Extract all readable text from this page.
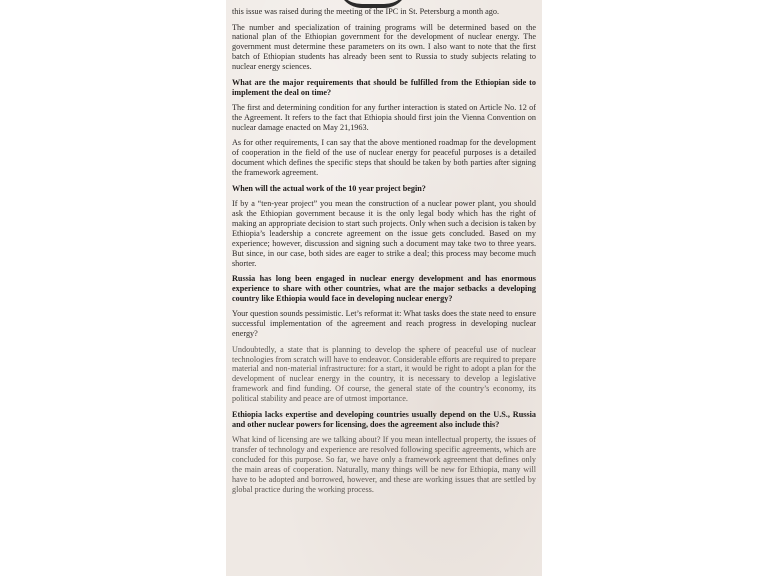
this issue was raised during the meeting of the IPC in St. Petersburg a month ago.

The number and specialization of training programs will be determined based on the national plan of the Ethiopian government for the development of nuclear energy. The government must determine these parameters on its own. I also want to note that the first batch of Ethiopian students has already been sent to Russia to study subjects relating to nuclear energy sciences.

What are the major requirements that should be fulfilled from the Ethiopian side to implement the deal on time?

The first and determining condition for any further interaction is stated on Article No. 12 of the Agreement. It refers to the fact that Ethiopia should first join the Vienna Convention on nuclear damage enacted on May 21,1963.

As for other requirements, I can say that the above mentioned roadmap for the development of cooperation in the field of the use of nuclear energy for peaceful purposes is a detailed document which defines the specific steps that should be taken by both parties after signing the framework agreement.

When will the actual work of the 10 year project begin?

If by a “ten-year project” you mean the construction of a nuclear power plant, you should ask the Ethiopian government because it is the only legal body which has the right of making an appropriate decision to start such projects. Only when such a decision is taken by Ethiopia’s leadership a concrete agreement on the issue gets concluded. Based on my experience; however, discussion and signing such a document may take two to three years. But since, in our case, both sides are eager to strike a deal; this process may become much shorter.

Russia has long been engaged in nuclear energy development and has enormous experience to share with other countries, what are the major setbacks a developing country like Ethiopia would face in developing nuclear energy?

Your question sounds pessimistic. Let’s reformat it: What tasks does the state need to ensure successful implementation of the agreement and reach progress in developing nuclear energy?

Undoubtedly, a state that is planning to develop the sphere of peaceful use of nuclear technologies from scratch will have to endeavor. Considerable efforts are required to prepare material and non-material infrastructure: for a start, it would be right to adopt a plan for the development of nuclear energy in the country, it is necessary to develop a legislative framework and find funding. Of course, the general state of the country’s economy, its political stability and peace are of utmost importance.

Ethiopia lacks expertise and developing countries usually depend on the U.S., Russia and other nuclear powers for licensing, does the agreement also include this?

What kind of licensing are we talking about? If you mean intellectual property, the issues of transfer of technology and experience are resolved following specific agreements, which are concluded for this purpose. So far, we have only a framework agreement that defines only the main areas of cooperation. Naturally, many things will be new for Ethiopia, many will have to be adopted and borrowed, however, and these are working issues that are settled by global practice during the working process.
